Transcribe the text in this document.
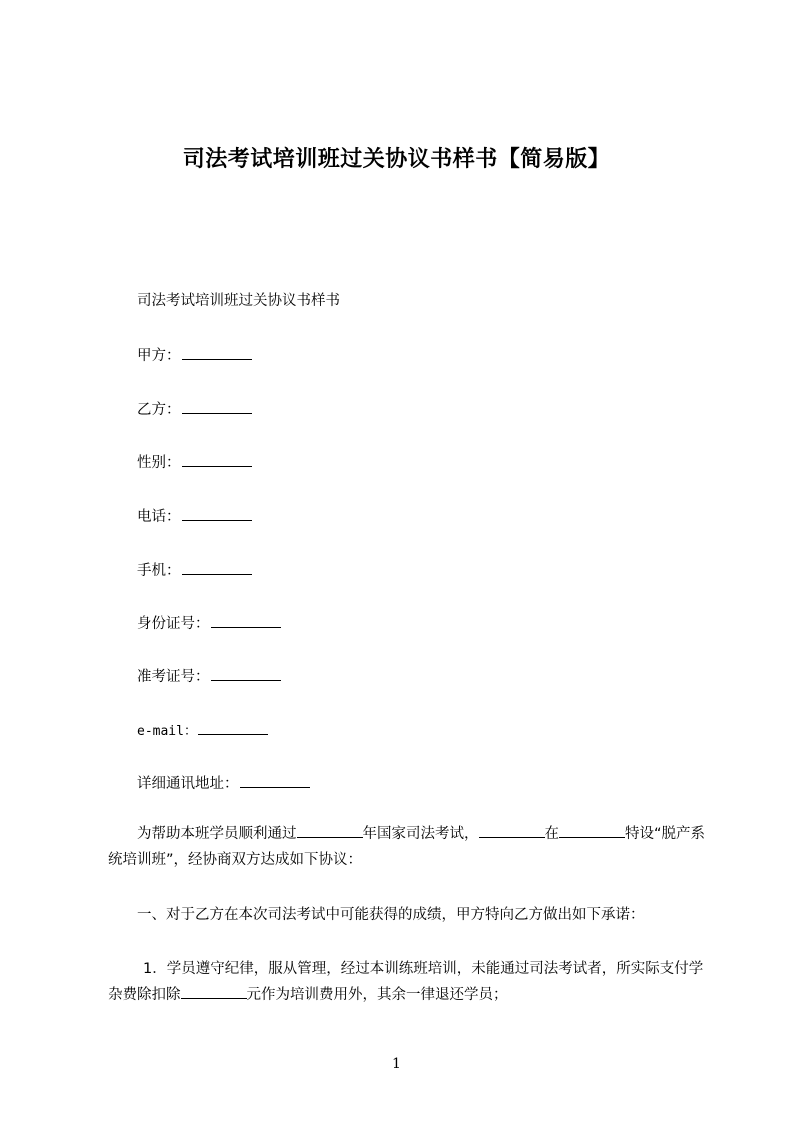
司法考试培训班过关协议书样书【简易版】
司法考试培训班过关协议书样书
甲方：
乙方：
性别：
电话：
手机：
身份证号：
准考证号：
e-mail：
详细通讯地址：
为帮助本班学员顺利通过	年国家司法考试，	在	特设“脱产系统培训班”，经协商双方达成如下协议：
一、对于乙方在本次司法考试中可能获得的成绩，甲方特向乙方做出如下承诺：
1．学员遵守纪律，服从管理，经过本训练班培训，未能通过司法考试者，所实际支付学杂费除扣除	元作为培训费用外，其余一律退还学员；
1
